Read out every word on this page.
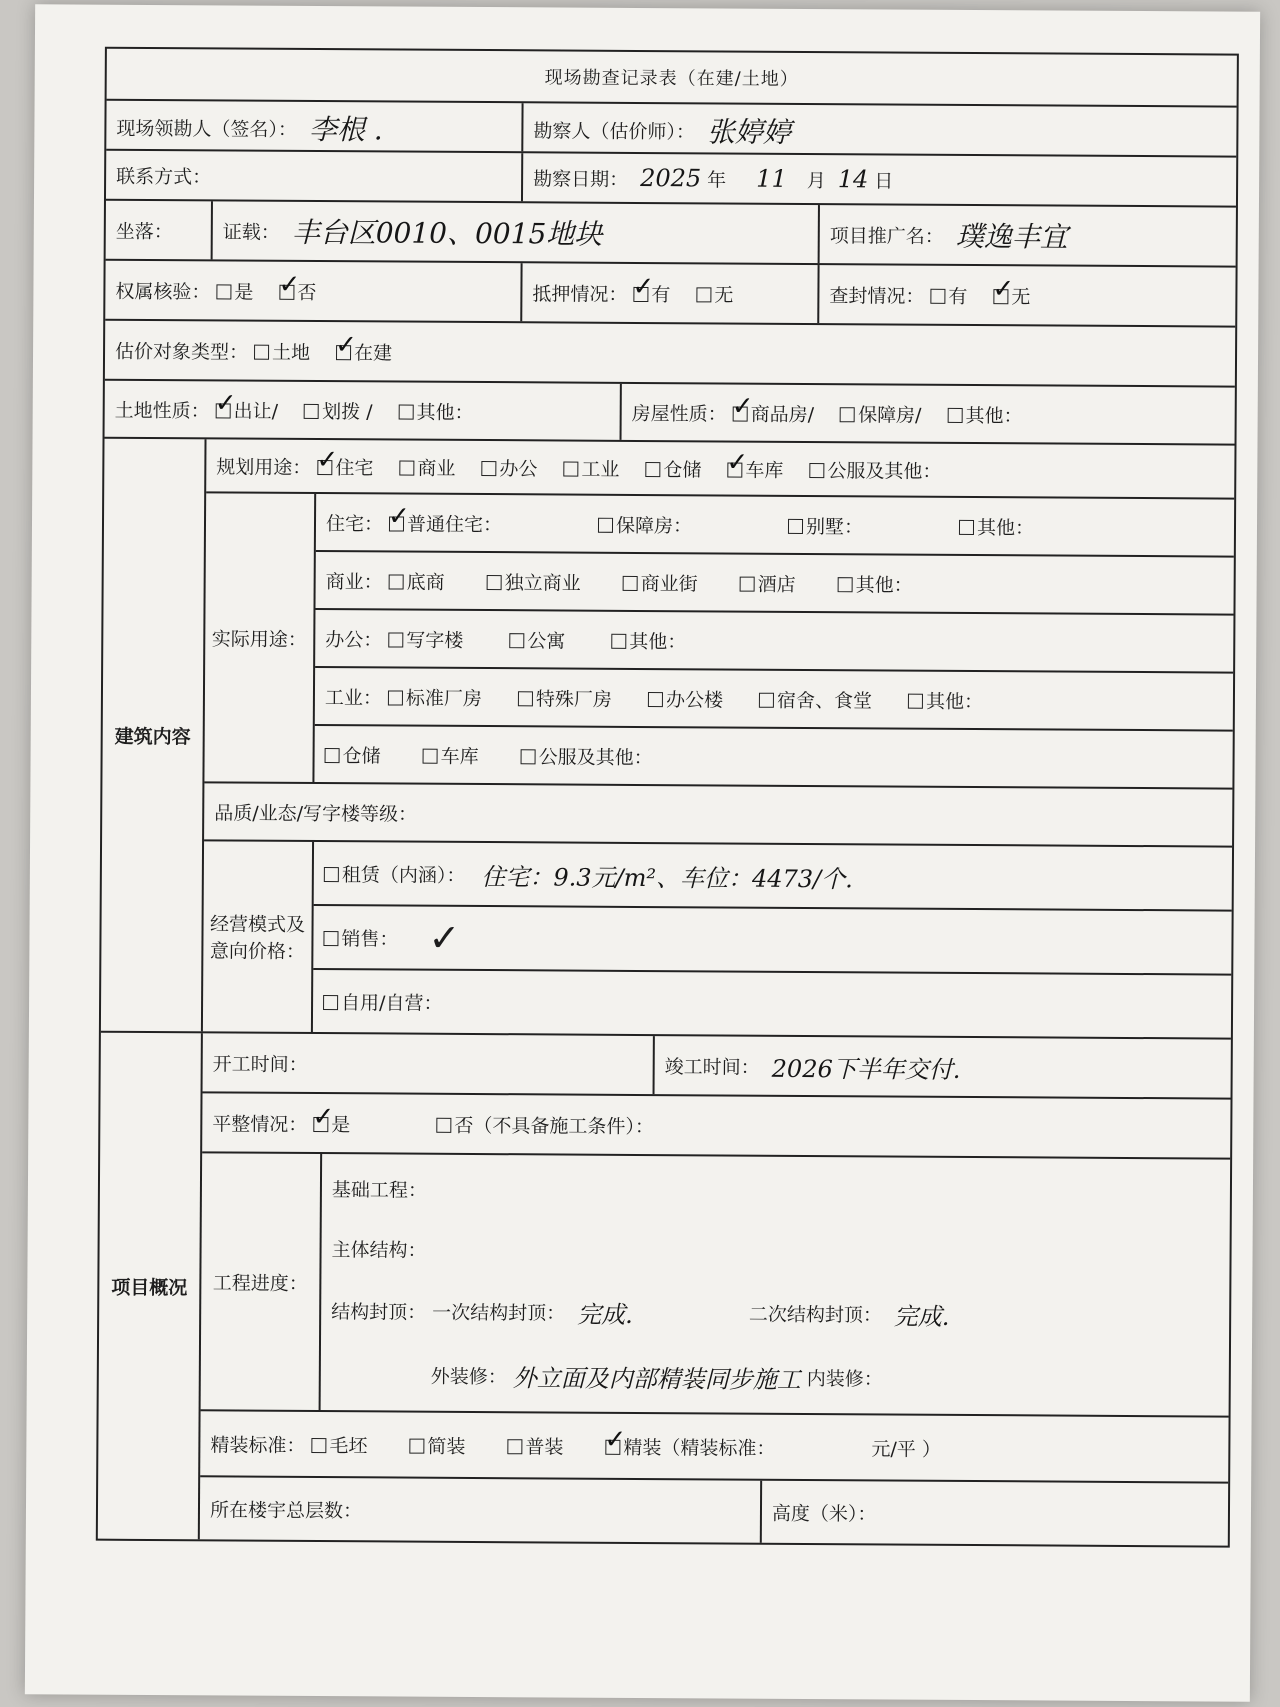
现场勘查记录表（在建/土地）
现场领勘人（签名）： 李根 .	勘察人（估价师）： 张婷婷
联系方式：	勘察日期： 2025 年 11 月 14 日
坐落：	证载： 丰台区0010、0015地块	项目推广名： 璞逸丰宜
权属核验： 是 ✓ 否	抵押情况： ✓ 有 无	查封情况： 有 ✓ 无
估价对象类型： 土地 ✓ 在建
土地性质： ✓ 出让/ 划拨 / 其他：	房屋性质： ✓ 商品房/ 保障房/ 其他：
建筑内容
规划用途： ✓ 住宅 商业 办公 工业 仓储 ✓ 车库 公服及其他：
实际用途：
住宅： ✓ 普通住宅：	保障房：	别墅：	其他：
商业： 底商	独立商业	商业街	酒店	其他：
办公： 写字楼	公寓	其他：
工业： 标准厂房	特殊厂房	办公楼	宿舍、食堂	其他：
仓储	车库	公服及其他：
品质/业态/写字楼等级：
经营模式及意向价格：
租赁（内涵）： 住宅：9.3元/m²、车位：4473/个.
销售： ✓
自用/自营：
项目概况
开工时间：	竣工时间： 2026下半年交付.
平整情况： ✓ 是	否（不具备施工条件）：
工程进度：
基础工程：
主体结构：
结构封顶： 一次结构封顶： 完成.	二次结构封顶： 完成.
外装修： 外立面及内部精装同步施工 内装修：
精装标准： 毛坯	简装	普装 ✓	精装（精装标准：	元/平 ）
所在楼宇总层数：	高度（米）：
